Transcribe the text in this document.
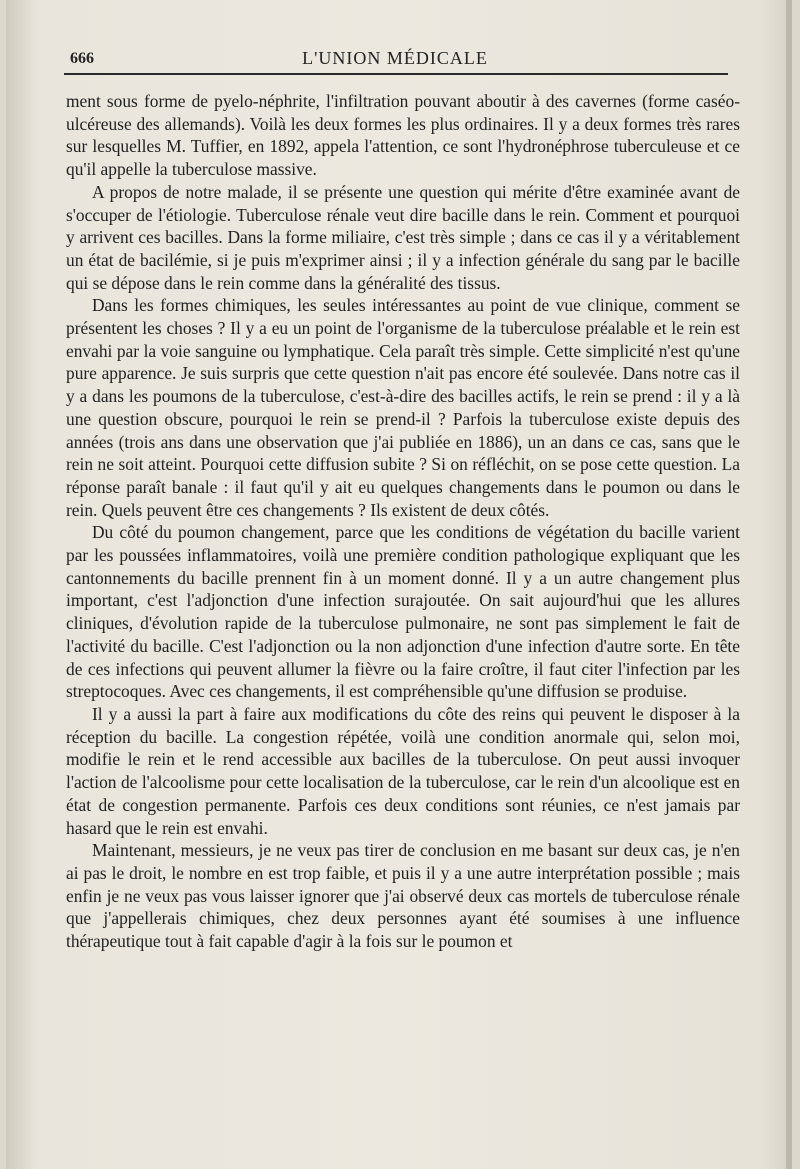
666	L'UNION MÉDICALE

ment sous forme de pyelo-néphrite, l'infiltration pouvant aboutir à des cavernes (forme caséo-ulcéreuse des allemands). Voilà les deux formes les plus ordinaires. Il y a deux formes très rares sur lesquelles M. Tuffier, en 1892, appela l'attention, ce sont l'hydronéphrose tuberculeuse et ce qu'il appelle la tuberculose massive.

A propos de notre malade, il se présente une question qui mérite d'être examinée avant de s'occuper de l'étiologie. Tuberculose rénale veut dire bacille dans le rein. Comment et pourquoi y arrivent ces bacilles. Dans la forme miliaire, c'est très simple ; dans ce cas il y a véritablement un état de bacilémie, si je puis m'exprimer ainsi ; il y a infection générale du sang par le bacille qui se dépose dans le rein comme dans la généralité des tissus.

Dans les formes chimiques, les seules intéressantes au point de vue clinique, comment se présentent les choses ? Il y a eu un point de l'organisme de la tuberculose préalable et le rein est envahi par la voie sanguine ou lymphatique. Cela paraît très simple. Cette simplicité n'est qu'une pure apparence. Je suis surpris que cette question n'ait pas encore été soulevée. Dans notre cas il y a dans les poumons de la tuberculose, c'est-à-dire des bacilles actifs, le rein se prend : il y a là une question obscure, pourquoi le rein se prend-il ? Parfois la tuberculose existe depuis des années (trois ans dans une observation que j'ai publiée en 1886), un an dans ce cas, sans que le rein ne soit atteint. Pourquoi cette diffusion subite ? Si on réfléchit, on se pose cette question. La réponse paraît banale : il faut qu'il y ait eu quelques changements dans le poumon ou dans le rein. Quels peuvent être ces changements ? Ils existent de deux côtés.

Du côté du poumon changement, parce que les conditions de végétation du bacille varient par les poussées inflammatoires, voilà une première condition pathologique expliquant que les cantonnements du bacille prennent fin à un moment donné. Il y a un autre changement plus important, c'est l'adjonction d'une infection surajoutée. On sait aujourd'hui que les allures cliniques, d'évolution rapide de la tuberculose pulmonaire, ne sont pas simplement le fait de l'activité du bacille. C'est l'adjonction ou la non adjonction d'une infection d'autre sorte. En tête de ces infections qui peuvent allumer la fièvre ou la faire croître, il faut citer l'infection par les streptocoques. Avec ces changements, il est compréhensible qu'une diffusion se produise.

Il y a aussi la part à faire aux modifications du côte des reins qui peuvent le disposer à la réception du bacille. La congestion répétée, voilà une condition anormale qui, selon moi, modifie le rein et le rend accessible aux bacilles de la tuberculose. On peut aussi invoquer l'action de l'alcoolisme pour cette localisation de la tuberculose, car le rein d'un alcoolique est en état de congestion permanente. Parfois ces deux conditions sont réunies, ce n'est jamais par hasard que le rein est envahi.

Maintenant, messieurs, je ne veux pas tirer de conclusion en me basant sur deux cas, je n'en ai pas le droit, le nombre en est trop faible, et puis il y a une autre interprétation possible ; mais enfin je ne veux pas vous laisser ignorer que j'ai observé deux cas mortels de tuberculose rénale que j'appellerais chimiques, chez deux personnes ayant été soumises à une influence thérapeutique tout à fait capable d'agir à la fois sur le poumon et
